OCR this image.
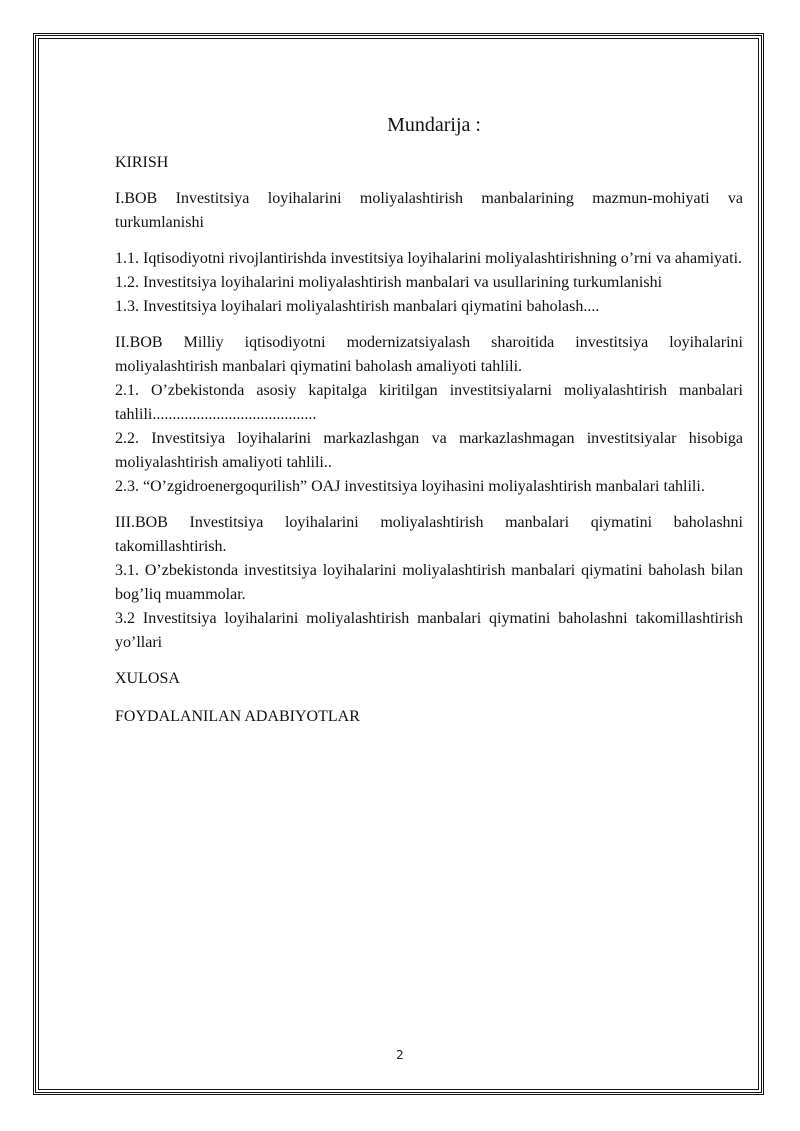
Mundarija :

KIRISH

I.BOB Investitsiya loyihalarini moliyalashtirish manbalarining mazmun-mohiyati va turkumlanishi

1.1. Iqtisodiyotni rivojlantirishda investitsiya loyihalarini moliyalashtirishning o’rni va ahamiyati.

1.2. Investitsiya loyihalarini moliyalashtirish manbalari va usullarining turkumlanishi

1.3. Investitsiya loyihalari moliyalashtirish manbalari qiymatini baholash....

II.BOB Milliy iqtisodiyotni modernizatsiyalash sharoitida investitsiya loyihalarini moliyalashtirish manbalari qiymatini baholash amaliyoti tahlili.

2.1. O’zbekistonda asosiy kapitalga kiritilgan investitsiyalarni moliyalashtirish manbalari tahlili.........................................

2.2. Investitsiya loyihalarini markazlashgan va markazlashmagan investitsiyalar hisobiga moliyalashtirish amaliyoti tahlili..

2.3. “O’zgidroenergoqurilish” OAJ investitsiya loyihasini moliyalashtirish manbalari tahlili.

III.BOB Investitsiya loyihalarini moliyalashtirish manbalari qiymatini baholashni takomillashtirish.

3.1. O’zbekistonda investitsiya loyihalarini moliyalashtirish manbalari qiymatini baholash bilan bog’liq muammolar.

3.2 Investitsiya loyihalarini moliyalashtirish manbalari qiymatini baholashni takomillashtirish yo’llari

XULOSA

FOYDALANILAN ADABIYOTLAR

2
